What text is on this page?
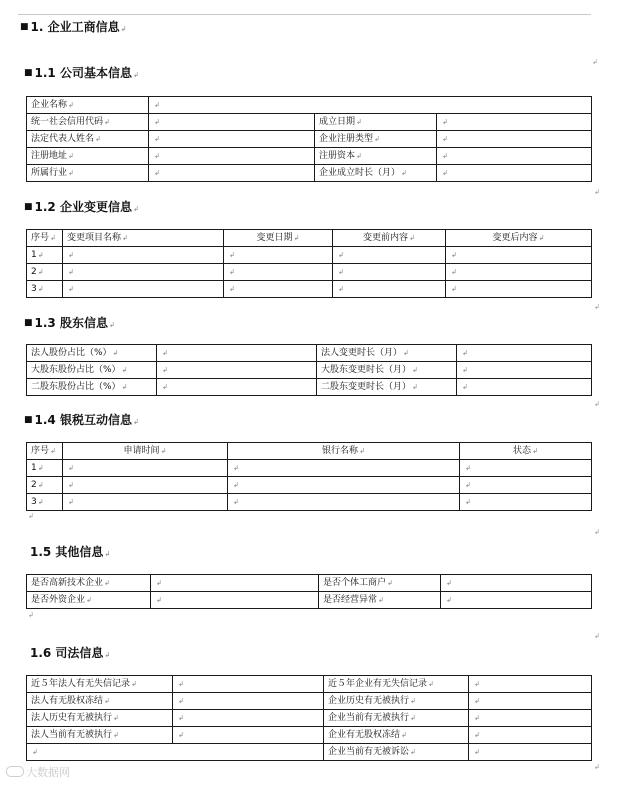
■ 1. 企业工商信息↲
■ 1.1 公司基本信息↲
企业名称↲	↲		
统一社会信用代码↲	↲	成立日期↲	↲
法定代表人姓名↲	↲	企业注册类型↲	↲
注册地址↲	↲	注册资本↲	↲
所属行业↲	↲	企业成立时长（月）↲	↲
■ 1.2 企业变更信息↲
序号↲	变更项目名称↲	变更日期↲	变更前内容↲	变更后内容↲
1↲	↲	↲	↲	↲
2↲	↲	↲	↲	↲
3↲	↲	↲	↲	↲
■ 1.3 股东信息↲
法人股份占比（%）↲	↲	法人变更时长（月）↲	↲
大股东股份占比（%）↲	↲	大股东变更时长（月）↲	↲
二股东股份占比（%）↲	↲	二股东变更时长（月）↲	↲
■ 1.4 银税互动信息↲
序号↲	申请时间↲	银行名称↲	状态↲
1↲	↲	↲	↲
2↲	↲	↲	↲
3↲	↲	↲	↲
1.5 其他信息↲
是否高新技术企业↲	↲	是否个体工商户↲	↲
是否外资企业↲	↲	是否经营异常↲	↲
1.6 司法信息↲
近５年法人有无失信记录↲	↲	近５年企业有无失信记录↲	↲
法人有无股权冻结↲	↲	企业历史有无被执行↲	↲
法人历史有无被执行↲	↲	企业当前有无被执行↲	↲
法人当前有无被执行↲	↲	企业有无股权冻结↲	↲
↲		企业当前有无被诉讼↲	↲
↲
↲
↲
↲
↲
↲
↲
↲
↲
大数据网
